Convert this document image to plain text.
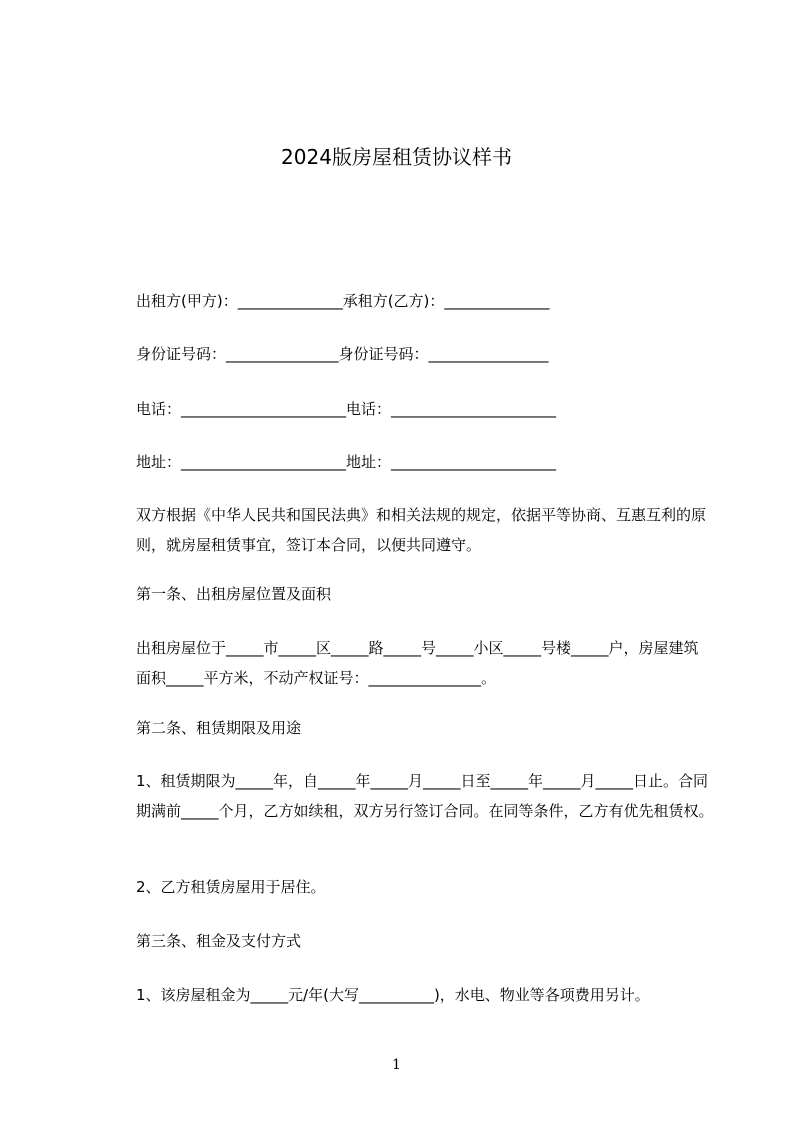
2024版房屋租赁协议样书

出租方(甲方)：______________承租方(乙方)：______________

身份证号码：_______________身份证号码：________________

电话：______________________电话：______________________

地址：______________________地址：______________________

双方根据《中华人民共和国民法典》和相关法规的规定，依据平等协商、互惠互利的原则，就房屋租赁事宜，签订本合同，以便共同遵守。

第一条、出租房屋位置及面积

出租房屋位于_____市_____区_____路_____号_____小区_____号楼_____户，房屋建筑面积_____平方米，不动产权证号：_______________。

第二条、租赁期限及用途

1、租赁期限为_____年，自_____年_____月_____日至_____年_____月_____日止。合同期满前_____个月，乙方如续租，双方另行签订合同。在同等条件，乙方有优先租赁权。

2、乙方租赁房屋用于居住。

第三条、租金及支付方式

1、该房屋租金为_____元/年(大写__________)，水电、物业等各项费用另计。

1
